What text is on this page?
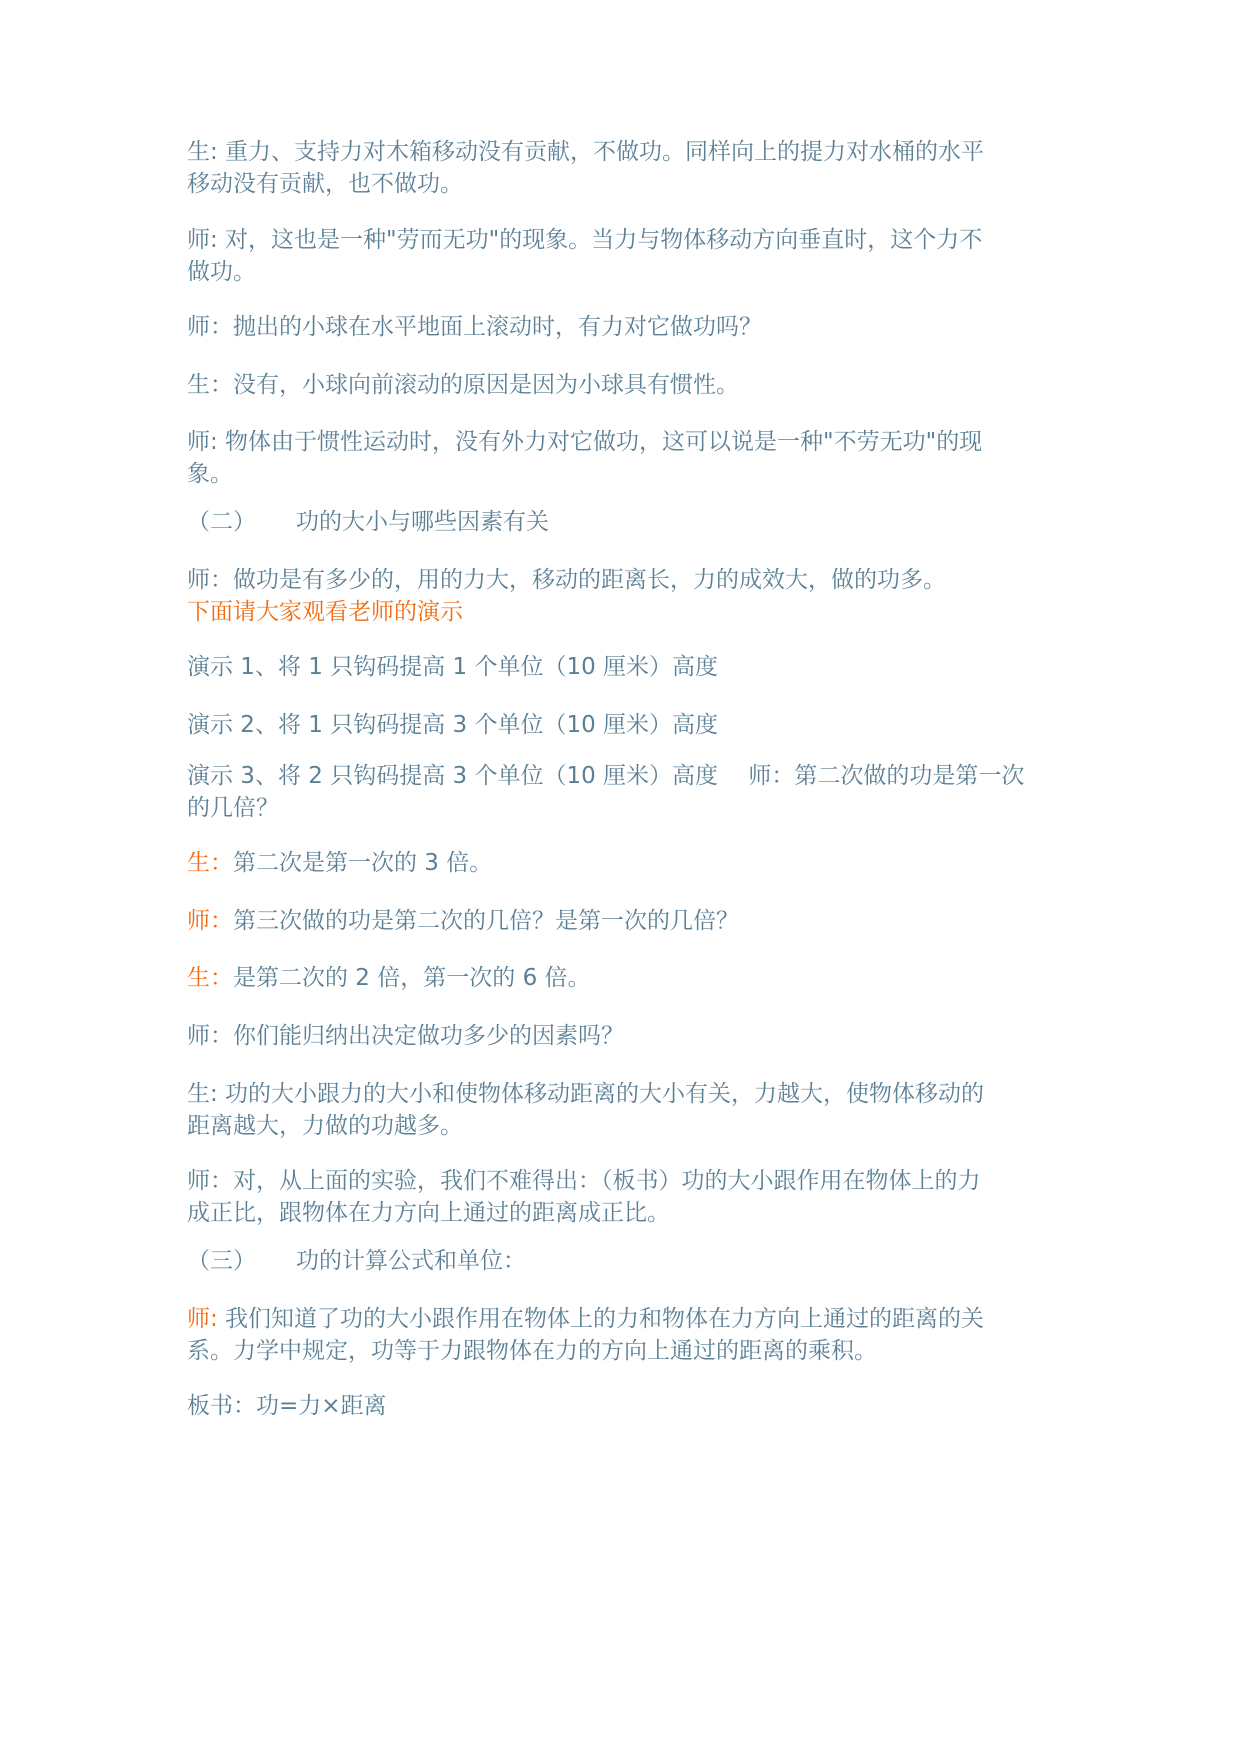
生: 重力、支持力对木箱移动没有贡献，不做功。同样向上的提力对水桶的水平
移动没有贡献，也不做功。
师: 对，这也是一种"劳而无功"的现象。当力与物体移动方向垂直时，这个力不
做功。
师：抛出的小球在水平地面上滚动时，有力对它做功吗？
生：没有，小球向前滚动的原因是因为小球具有惯性。
师: 物体由于惯性运动时，没有外力对它做功，这可以说是一种"不劳无功"的现
象。
（二） 功的大小与哪些因素有关
师：做功是有多少的，用的力大，移动的距离长，力的成效大，做的功多。
下面请大家观看老师的演示
演示 1、将 1 只钩码提高 1 个单位（10 厘米）高度
演示 2、将 1 只钩码提高 3 个单位（10 厘米）高度
演示 3、将 2 只钩码提高 3 个单位（10 厘米）高度　 师：第二次做的功是第一次
的几倍？
生：第二次是第一次的 3 倍。
师：第三次做的功是第二次的几倍？是第一次的几倍？
生：是第二次的 2 倍，第一次的 6 倍。
师：你们能归纳出决定做功多少的因素吗？
生: 功的大小跟力的大小和使物体移动距离的大小有关，力越大，使物体移动的
距离越大，力做的功越多。
师：对，从上面的实验，我们不难得出：（板书）功的大小跟作用在物体上的力
成正比，跟物体在力方向上通过的距离成正比。
（三） 功的计算公式和单位：
师: 我们知道了功的大小跟作用在物体上的力和物体在力方向上通过的距离的关
系。力学中规定，功等于力跟物体在力的方向上通过的距离的乘积。
板书：功=力×距离
